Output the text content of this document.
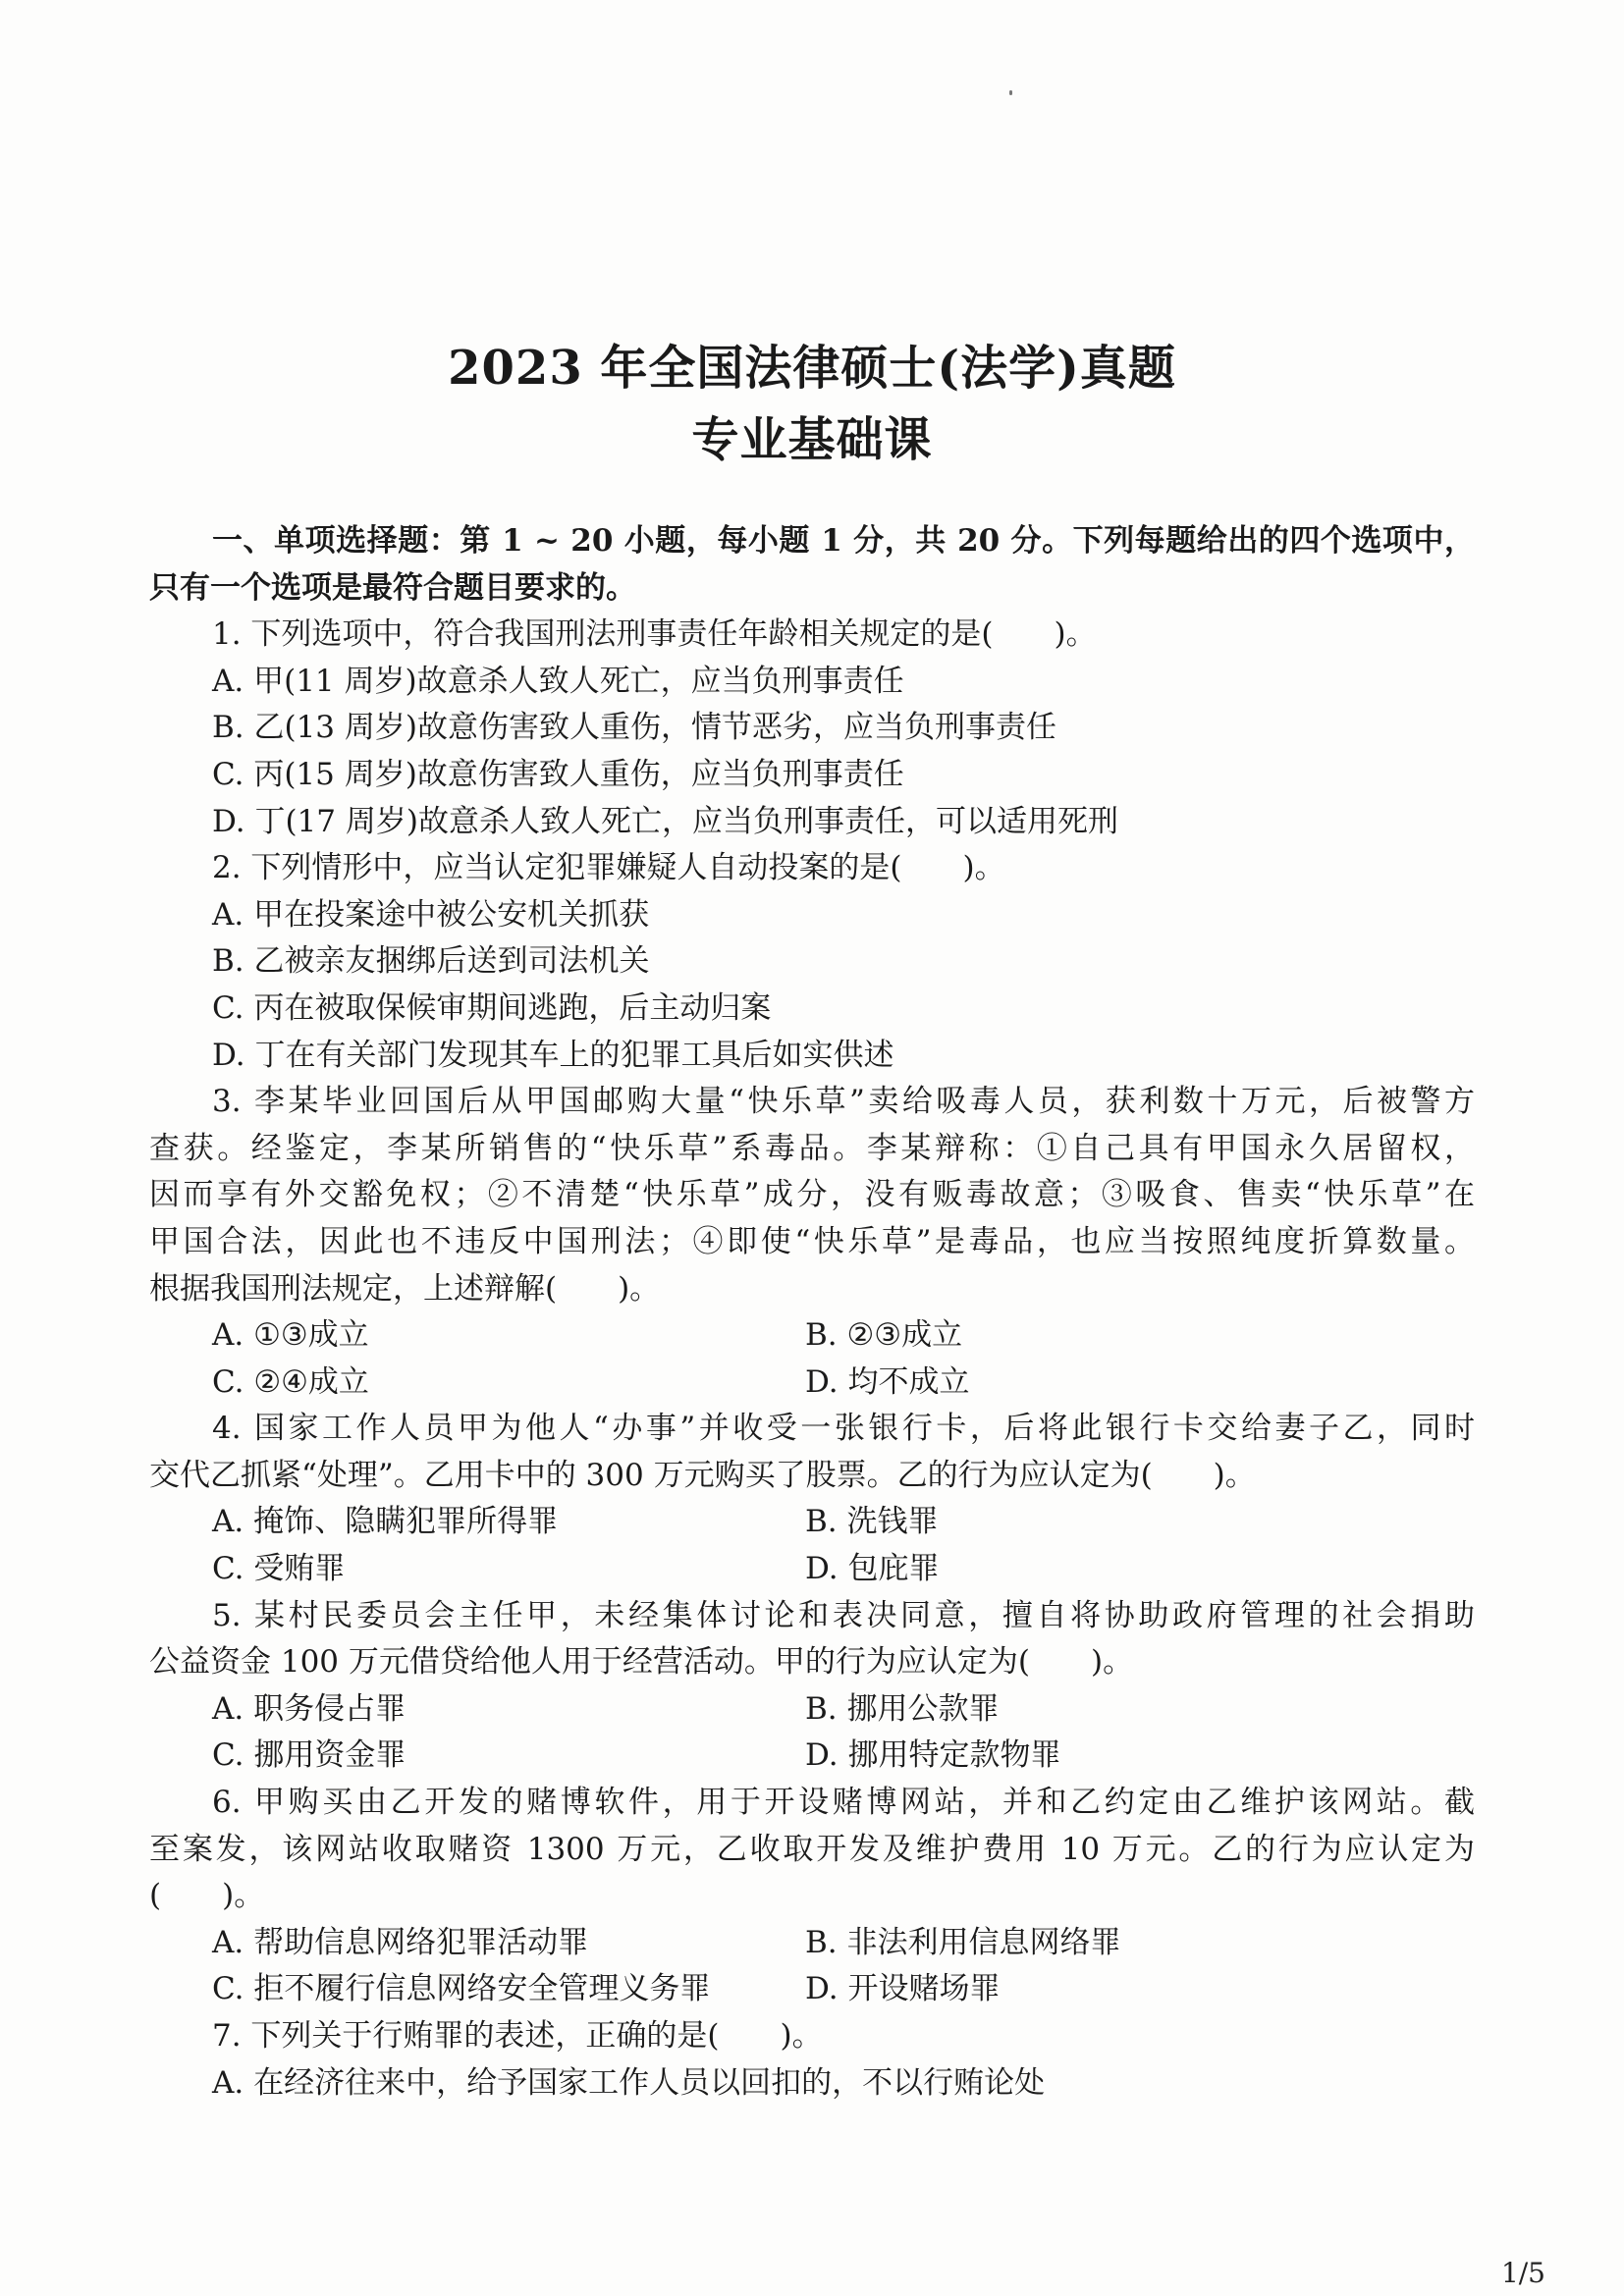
2023 年全国法律硕士(法学)真题
专业基础课
一、单项选择题：第 1 ~ 20 小题，每小题 1 分，共 20 分。下列每题给出的四个选项中，
只有一个选项是最符合题目要求的。
1. 下列选项中，符合我国刑法刑事责任年龄相关规定的是(　　)。
A. 甲(11 周岁)故意杀人致人死亡，应当负刑事责任
B. 乙(13 周岁)故意伤害致人重伤，情节恶劣，应当负刑事责任
C. 丙(15 周岁)故意伤害致人重伤，应当负刑事责任
D. 丁(17 周岁)故意杀人致人死亡，应当负刑事责任，可以适用死刑
2. 下列情形中，应当认定犯罪嫌疑人自动投案的是(　　)。
A. 甲在投案途中被公安机关抓获
B. 乙被亲友捆绑后送到司法机关
C. 丙在被取保候审期间逃跑，后主动归案
D. 丁在有关部门发现其车上的犯罪工具后如实供述
3. 李某毕业回国后从甲国邮购大量“快乐草”卖给吸毒人员，获利数十万元，后被警方
查获。经鉴定，李某所销售的“快乐草”系毒品。李某辩称：①自己具有甲国永久居留权，
因而享有外交豁免权；②不清楚“快乐草”成分，没有贩毒故意；③吸食、售卖“快乐草”在
甲国合法，因此也不违反中国刑法；④即使“快乐草”是毒品，也应当按照纯度折算数量。
根据我国刑法规定，上述辩解(　　)。
A. ①③成立	B. ②③成立
C. ②④成立	D. 均不成立
4. 国家工作人员甲为他人“办事”并收受一张银行卡，后将此银行卡交给妻子乙，同时
交代乙抓紧“处理”。乙用卡中的 300 万元购买了股票。乙的行为应认定为(　　)。
A. 掩饰、隐瞒犯罪所得罪	B. 洗钱罪
C. 受贿罪	D. 包庇罪
5. 某村民委员会主任甲，未经集体讨论和表决同意，擅自将协助政府管理的社会捐助
公益资金 100 万元借贷给他人用于经营活动。甲的行为应认定为(　　)。
A. 职务侵占罪	B. 挪用公款罪
C. 挪用资金罪	D. 挪用特定款物罪
6. 甲购买由乙开发的赌博软件，用于开设赌博网站，并和乙约定由乙维护该网站。截
至案发，该网站收取赌资 1300 万元，乙收取开发及维护费用 10 万元。乙的行为应认定为
(　　)。
A. 帮助信息网络犯罪活动罪	B. 非法利用信息网络罪
C. 拒不履行信息网络安全管理义务罪	D. 开设赌场罪
7. 下列关于行贿罪的表述，正确的是(　　)。
A. 在经济往来中，给予国家工作人员以回扣的，不以行贿论处
1/5
